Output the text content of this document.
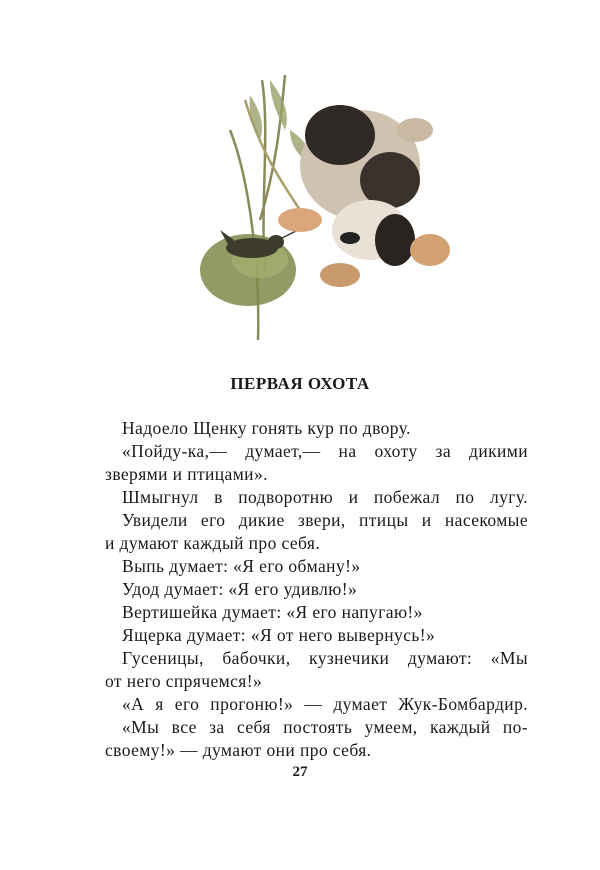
ПЕРВАЯ ОХОТА
Надоело Щенку гонять кур по двору.
«Пойду-ка,— думает,— на охоту за дикими
зверями и птицами».
Шмыгнул в подворотню и побежал по лугу.
Увидели его дикие звери, птицы и насекомые
и думают каждый про себя.
Выпь думает: «Я его обману!»
Удод думает: «Я его удивлю!»
Вертишейка думает: «Я его напугаю!»
Ящерка думает: «Я от него вывернусь!»
Гусеницы, бабочки, кузнечики думают: «Мы
от него спрячемся!»
«А я его прогоню!» — думает Жук-Бомбардир.
«Мы все за себя постоять умеем, каждый по-
своему!» — думают они про себя.
27
